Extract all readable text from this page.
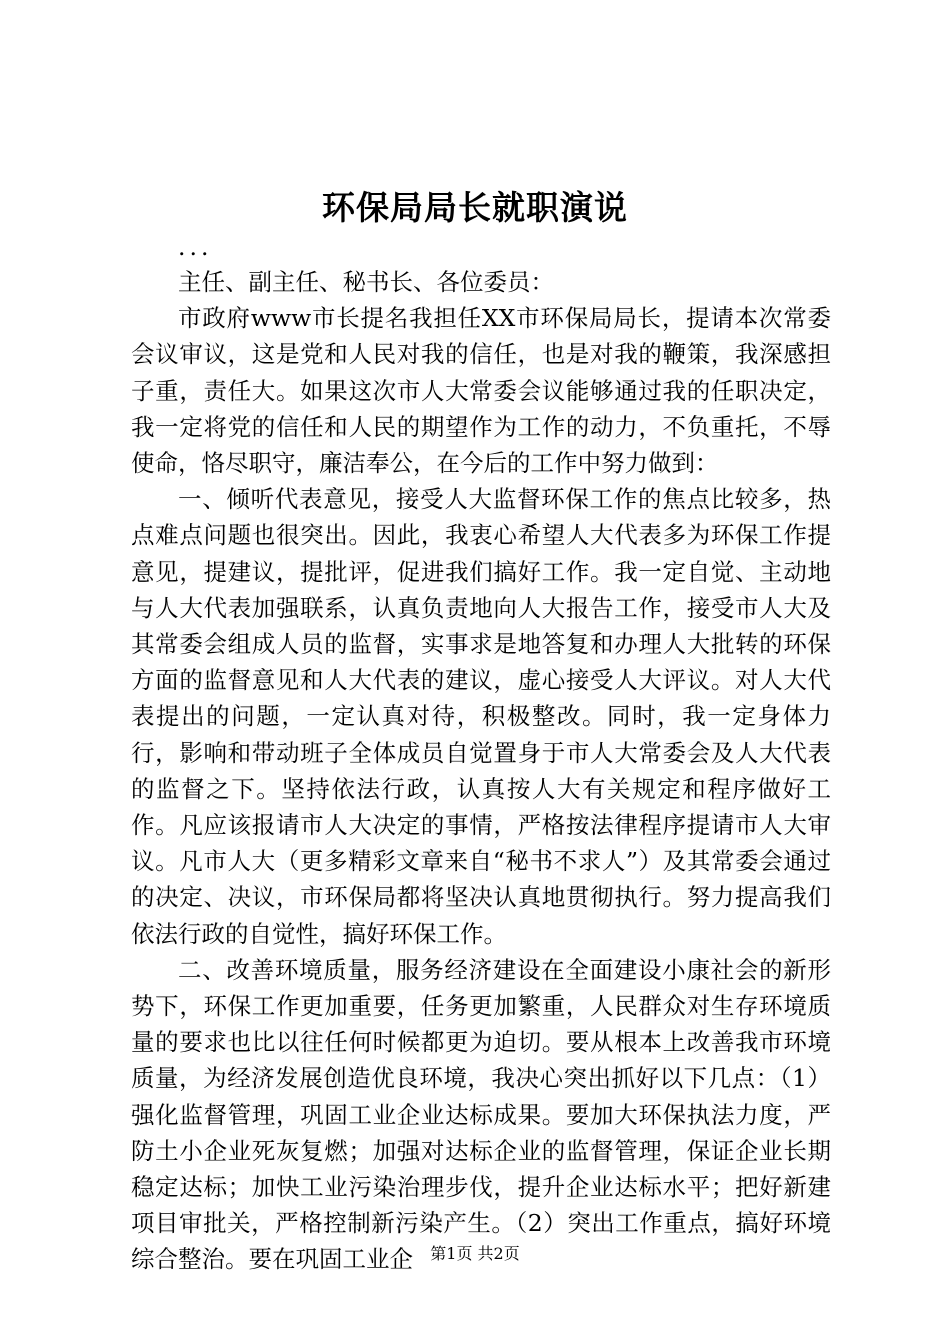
环保局局长就职演说

...

主任、副主任、秘书长、各位委员：

市政府www市长提名我担任XX市环保局局长，提请本次常委会议审议，这是党和人民对我的信任，也是对我的鞭策，我深感担子重，责任大。如果这次市人大常委会议能够通过我的任职决定，我一定将党的信任和人民的期望作为工作的动力，不负重托，不辱使命，恪尽职守，廉洁奉公，在今后的工作中努力做到：

一、倾听代表意见，接受人大监督环保工作的焦点比较多，热点难点问题也很突出。因此，我衷心希望人大代表多为环保工作提意见，提建议，提批评，促进我们搞好工作。我一定自觉、主动地与人大代表加强联系，认真负责地向人大报告工作，接受市人大及其常委会组成人员的监督，实事求是地答复和办理人大批转的环保方面的监督意见和人大代表的建议，虚心接受人大评议。对人大代表提出的问题，一定认真对待，积极整改。同时，我一定身体力行，影响和带动班子全体成员自觉置身于市人大常委会及人大代表的监督之下。坚持依法行政，认真按人大有关规定和程序做好工作。凡应该报请市人大决定的事情，严格按法律程序提请市人大审议。凡市人大（更多精彩文章来自“秘书不求人”）及其常委会通过的决定、决议，市环保局都将坚决认真地贯彻执行。努力提高我们依法行政的自觉性，搞好环保工作。

二、改善环境质量，服务经济建设在全面建设小康社会的新形势下，环保工作更加重要，任务更加繁重，人民群众对生存环境质量的要求也比以往任何时候都更为迫切。要从根本上改善我市环境质量，为经济发展创造优良环境，我决心突出抓好以下几点：（1）强化监督管理，巩固工业企业达标成果。要加大环保执法力度，严防土小企业死灰复燃；加强对达标企业的监督管理，保证企业长期稳定达标；加快工业污染治理步伐，提升企业达标水平；把好新建项目审批关，严格控制新污染产生。（2）突出工作重点，搞好环境综合整治。要在巩固工业企	第1页 共2页
